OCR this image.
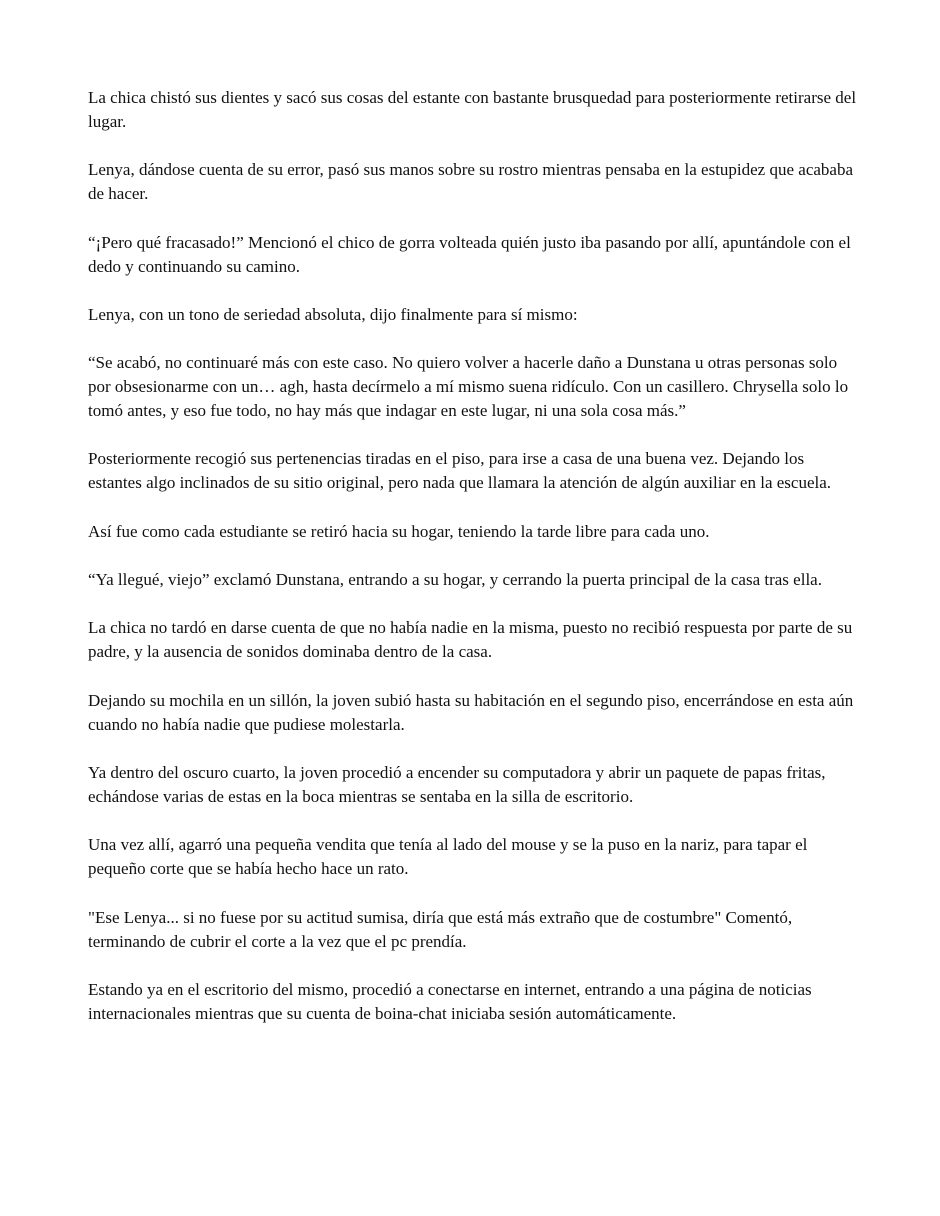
La chica chistó sus dientes y sacó sus cosas del estante con bastante brusquedad para posteriormente retirarse del lugar.

Lenya, dándose cuenta de su error, pasó sus manos sobre su rostro mientras pensaba en la estupidez que acababa de hacer.

“¡Pero qué fracasado!” Mencionó el chico de gorra volteada quién justo iba pasando por allí, apuntándole con el dedo y continuando su camino.

Lenya, con un tono de seriedad absoluta, dijo finalmente para sí mismo:

“Se acabó, no continuaré más con este caso. No quiero volver a hacerle daño a Dunstana u otras personas solo por obsesionarme con un… agh, hasta decírmelo a mí mismo suena ridículo. Con un casillero. Chrysella solo lo tomó antes, y eso fue todo, no hay más que indagar en este lugar, ni una sola cosa más.”

Posteriormente recogió sus pertenencias tiradas en el piso, para irse a casa de una buena vez. Dejando los estantes algo inclinados de su sitio original, pero nada que llamara la atención de algún auxiliar en la escuela.

Así fue como cada estudiante se retiró hacia su hogar, teniendo la tarde libre para cada uno.

“Ya llegué, viejo” exclamó Dunstana, entrando a su hogar, y cerrando la puerta principal de la casa tras ella.

La chica no tardó en darse cuenta de que no había nadie en la misma, puesto no recibió respuesta por parte de su padre, y la ausencia de sonidos dominaba dentro de la casa.

Dejando su mochila en un sillón, la joven subió hasta su habitación en el segundo piso, encerrándose en esta aún cuando no había nadie que pudiese molestarla.

Ya dentro del oscuro cuarto, la joven procedió a encender su computadora y abrir un paquete de papas fritas, echándose varias de estas en la boca mientras se sentaba en la silla de escritorio.

Una vez allí, agarró una pequeña vendita que tenía al lado del mouse y se la puso en la nariz, para tapar el pequeño corte que se había hecho hace un rato.

"Ese Lenya... si no fuese por su actitud sumisa, diría que está más extraño que de costumbre" Comentó, terminando de cubrir el corte a la vez que el pc prendía.

Estando ya en el escritorio del mismo, procedió a conectarse en internet, entrando a una página de noticias internacionales mientras que su cuenta de boina-chat iniciaba sesión automáticamente.
